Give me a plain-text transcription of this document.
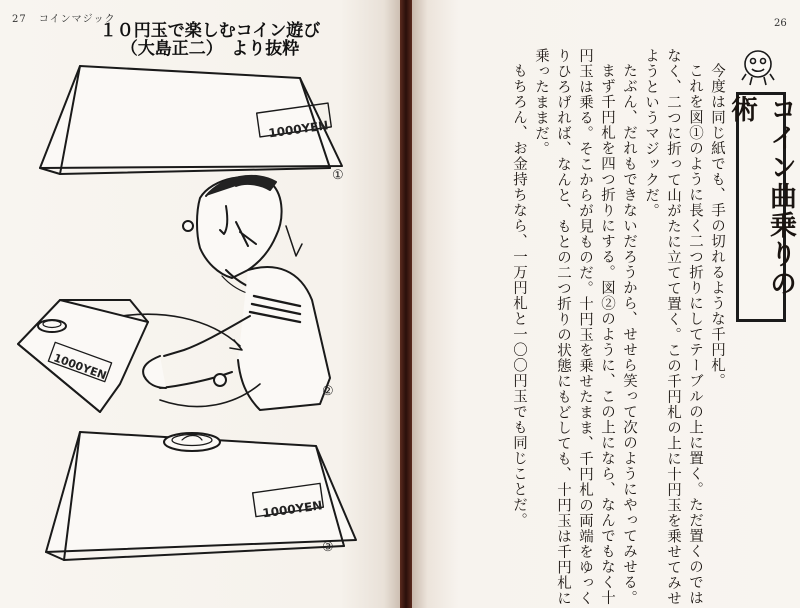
27 コインマジック
１０円玉で楽しむコイン遊び
（大島正二）　より抜粋
1000YEN
1000YEN
1000YEN
①
②
③
26
コイン曲乗りの術

今度は同じ紙でも、手の切れるような千円札。

これを図①のように長く二つ折りにしてテーブルの上に置く。ただ置くのではなく、二つに折って山がたに立てて置く。この千円札の上に十円玉を乗せてみせようというマジックだ。

たぶん、だれもできないだろうから、せせら笑って次のようにやってみせる。

まず千円札を四つ折りにする。図②のように、この上になら、なんでもなく十円玉は乗る。そこからが見ものだ。十円玉を乗せたまま、千円札の両端をゆっくりひろげれば、なんと、もとの二つ折りの状態にもどしても、十円玉は千円札に乗ったままだ。

もちろん、お金持ちなら、一万円札と一〇〇円玉でも同じことだ。
